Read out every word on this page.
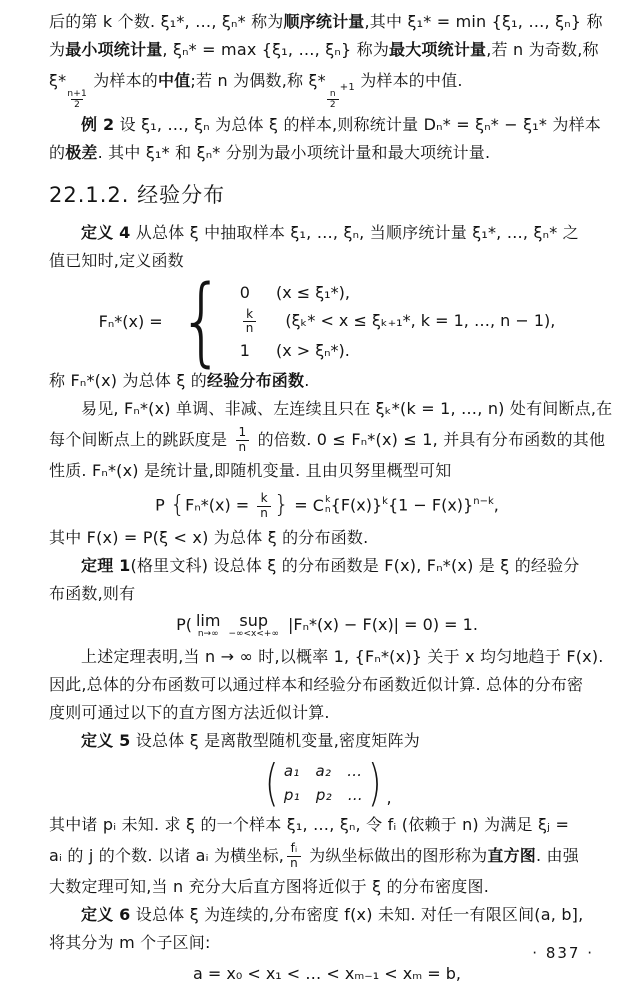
后的第 k 个数. ξ₁*, …, ξₙ* 称为顺序统计量,其中 ξ₁* = min {ξ₁, …, ξₙ} 称
为最小项统计量, ξₙ* = max {ξ₁, …, ξₙ} 称为最大项统计量,若 n 为奇数,称
ξ*
$\frac{n+1}{2}$
为样本的中值;若 n 为偶数,称 ξ*
$\frac{n}{2}$
$_{+1}$ 为样本的中值.
例 2 设 ξ₁, …, ξₙ 为总体 ξ 的样本,则称统计量 Dₙ* = ξₙ* − ξ₁* 为样本
的极差. 其中 ξ₁* 和 ξₙ* 分别为最小项统计量和最大项统计量.
22.1.2. 经验分布
定义 4 从总体 ξ 中抽取样本 ξ₁, …, ξₙ, 当顺序统计量 ξ₁*, …, ξₙ* 之
值已知时,定义函数
Fₙ*(x) = { 0 (x ≤ ξ₁*),
$\frac{k}{n} (\xi_k* < x \le \xi_{k+1}*$, k = 1, …, n − 1),
1 (x > ξₙ*).
称 Fₙ*(x) 为总体 ξ 的经验分布函数.
易见, Fₙ*(x) 单调、非减、左连续且只在 ξₖ*(k = 1, …, n) 处有间断点,在
每个间断点上的跳跃度是 $\frac{1}{n}$ 的倍数. 0 ≤ Fₙ*(x) ≤ 1, 并具有分布函数的其他
性质. Fₙ*(x) 是统计量,即随机变量. 且由贝努里概型可知
P {$F_n*(x) = \frac{k}{n}$ } = C k
n $\{F(x)\}^k\{1 - F(x)\}^{n-k}$,
其中 F(x) = P(ξ < x) 为总体 ξ 的分布函数.
定理 1(格里文科) 设总体 ξ 的分布函数是 F(x), Fₙ*(x) 是 ξ 的经验分
布函数,则有
P( lim
n→∞
sup
−∞<x<+∞ |Fₙ*(x) − F(x)| = 0) = 1.
上述定理表明,当 n → ∞ 时,以概率 1, {Fₙ*(x)} 关于 x 均匀地趋于 F(x).
因此,总体的分布函数可以通过样本和经验分布函数近似计算. 总体的分布密
度则可通过以下的直方图方法近似计算.
定义 5 设总体 ξ 是离散型随机变量,密度矩阵为
( a₁ a₂ …
p₁ p₂ … ) ,
其中诸 pᵢ 未知. 求 ξ 的一个样本 ξ₁, …, ξₙ, 令 fᵢ (依赖于 n) 为满足 ξⱼ =
aᵢ 的 j 的个数. 以诸 aᵢ 为横坐标, $\frac{\text{fᵢ}}{n}$ 为纵坐标做出的图形称为直方图. 由强
大数定理可知,当 n 充分大后直方图将近似于 ξ 的分布密度图.
定义 6 设总体 ξ 为连续的,分布密度 f(x) 未知. 对任一有限区间(a, b],
将其分为 m 个子区间:
a = x₀ < x₁ < … < xₘ₋₁ < xₘ = b,
· 837 ·
